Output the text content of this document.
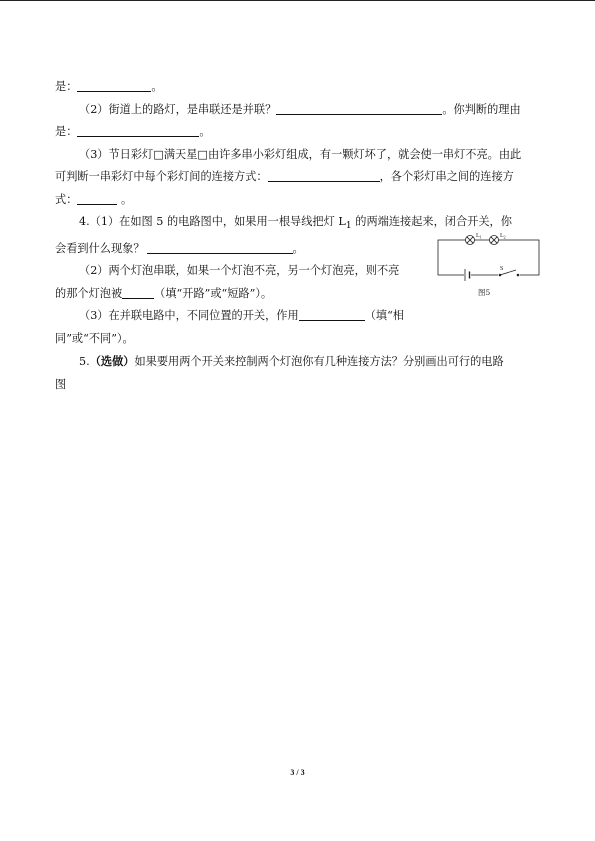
是：	。

（2）街道上的路灯，是串联还是并联？	。你判断的理由

是：	。

（3）节日彩灯□满天星□由许多串小彩灯组成，有一颗灯坏了，就会使一串灯不亮。由此

可判断一串彩灯中每个彩灯间的连接方式：	，各个彩灯串之间的连接方

式：	。

4.（1）在如图 5 的电路图中，如果用一根导线把灯 $L_1$ 的两端连接起来，闭合开关，你

会看到什么现象？	。

（2）两个灯泡串联，如果一个灯泡不亮，另一个灯泡亮，则不亮

的那个灯泡被	（填“开路”或“短路”）。

（3）在并联电路中，不同位置的开关，作用	（填“相

同”或“不同”）。

5.（选做）如果要用两个开关来控制两个灯泡你有几种连接方法？分别画出可行的电路

图

$L_1$	$L_2$
S
图5
3 / 3
